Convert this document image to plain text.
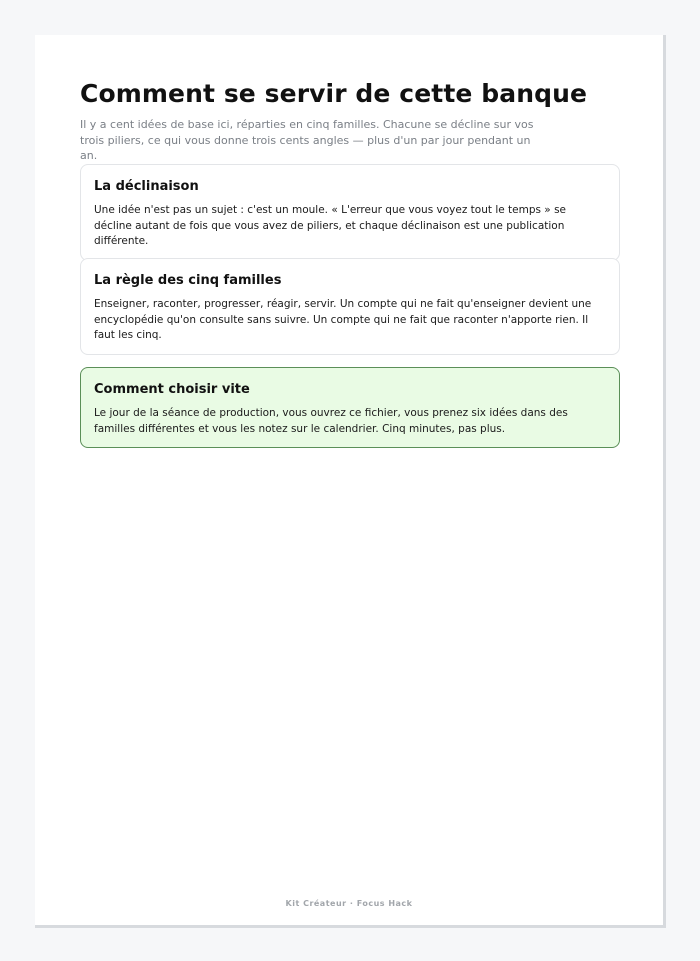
Comment se servir de cette banque

Il y a cent idées de base ici, réparties en cinq familles. Chacune se décline sur vos trois piliers, ce qui vous donne trois cents angles — plus d'un par jour pendant un an.

La déclinaison

Une idée n'est pas un sujet : c'est un moule. « L'erreur que vous voyez tout le temps » se décline autant de fois que vous avez de piliers, et chaque déclinaison est une publication différente.

La règle des cinq familles

Enseigner, raconter, progresser, réagir, servir. Un compte qui ne fait qu'enseigner devient une encyclopédie qu'on consulte sans suivre. Un compte qui ne fait que raconter n'apporte rien. Il faut les cinq.

Comment choisir vite

Le jour de la séance de production, vous ouvrez ce fichier, vous prenez six idées dans des familles différentes et vous les notez sur le calendrier. Cinq minutes, pas plus.

Kit Créateur · Focus Hack
